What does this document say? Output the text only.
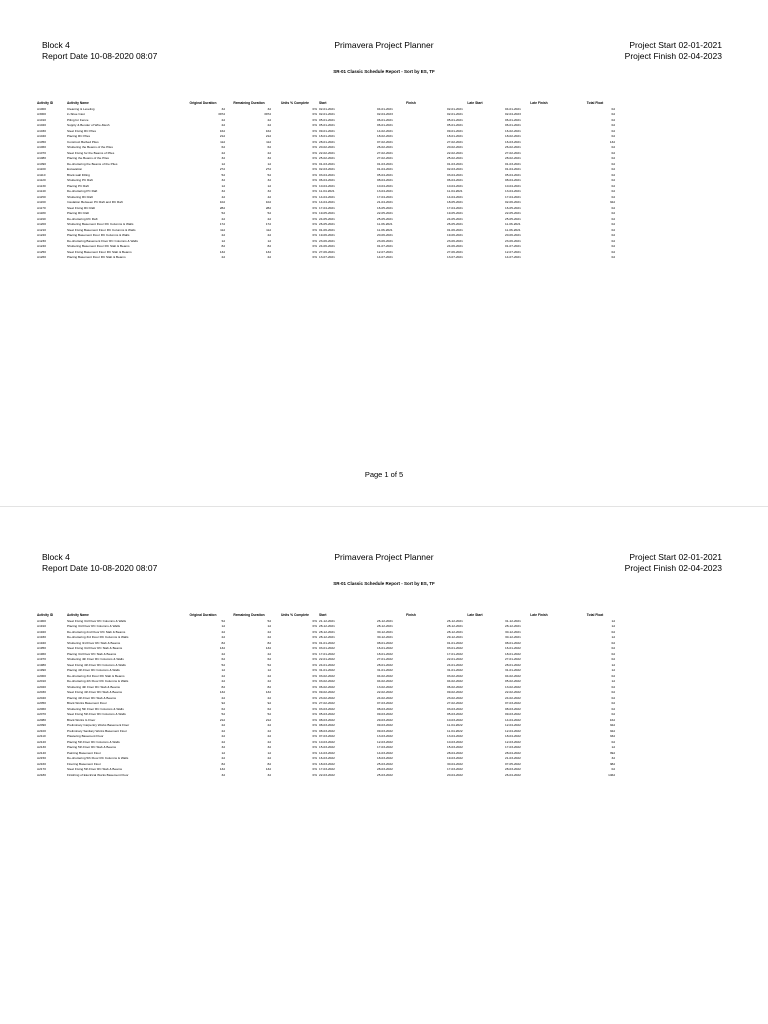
Block 4
Report Date 10-08-2020 08:07
Primavera Project Planner	Project Start 02-01-2021
Project Finish 02-04-2023
SR-01 Classic Schedule Report - Sort by ES, TF
Activity ID	Activity Name	Original Duration	Remaining Duration	Units % Complete	Start	Finish	Late Start	Late Finish	Total Float	
A1000	Cleaning & Leveling	3d	3d	0%	02-01-2021	04-01-2021	02-01-2021	04-01-2021	0d	
A3000	in-Situe Cast	397d	397d	0%	02-01-2021	02-04-2023	02-01-2021	02-04-2023	0d	
A1010	Piling for Fence	2d	2d	0%	05-01-2021	06-01-2021	05-01-2021	06-01-2021	0d	
A1020	Supply & Bender of Wire-Mesh	2d	2d	0%	05-01-2021	06-01-2021	05-01-2021	06-01-2021	0d	
A1030	Steel Fixing RC Piles	16d	16d	0%	09-01-2021	14-02-2021	09-01-2021	16-02-2021	0d	
A1040	Placing RC Piles	21d	21d	0%	18-01-2021	18-02-2021	18-01-2021	18-02-2021	0d	
A1050	Construct Barbed Piles	11d	11d	0%	28-01-2021	07-02-2021	27-02-2021	16-03-2021	13d	
A1060	Shuttering the Beams of the Piles	6d	6d	0%	20-02-2021	26-02-2021	20-02-2021	26-02-2021	0d	
A1070	Steel Fixing for the Beams of Piles	2d	2d	0%	22-02-2021	27-02-2021	22-02-2021	27-02-2021	0d	
A1080	Placing the Beams of the Piles	3d	3d	0%	25-02-2021	27-02-2021	25-02-2021	28-02-2021	0d	
A1090	De-shuttering the Beams of the Piles	1d	1d	0%	01-03-2021	01-03-2021	01-03-2021	01-03-2021	0d	
A1100	Excavation	27d	27d	0%	02-03-2021	01-04-2021	02-03-2021	01-04-2021	0d	
A1110	Block-wall Filling	5d	5d	0%	03-04-2021	05-04-2021	03-04-2021	05-04-2021	0d	
A1120	Shuttering PC Raft	3d	3d	0%	06-04-2021	08-04-2021	06-04-2021	08-04-2021	0d	
A1130	Placing PC Raft	1d	1d	0%	10-04-2021	10-04-2021	10-04-2021	10-04-2021	0d	
A1140	De-shuttering PC Raft	3d	3d	0%	11-04-2021	13-04-2021	11-04-2021	13-04-2021	0d	
A1150	Shuttering RC Raft	4d	4d	0%	14-04-2021	17-04-2021	14-04-2021	17-04-2021	0d	
A1160	Insulation Between PC Raft and RC Raft	10d	10d	0%	14-04-2021	21-04-2021	18-05-2021	02-06-2021	32d	
A1170	Steel Fixing RC Raft	28d	28d	0%	17-04-2021	16-05-2021	17-04-2021	16-05-2021	0d	
A1180	Placing RC Raft	5d	5d	0%	19-05-2021	22-05-2021	19-05-2021	22-05-2021	0d	
A1190	De-shuttering RC Raft	2d	2d	0%	24-05-2021	25-05-2021	24-05-2021	25-05-2021	0d	
A1200	Shuttering Basement Floor RC Columns & Walls	17d	17d	0%	26-05-2021	11-06-2021	26-05-2021	11-06-2021	0d	
A1210	Steel Fixing Basement Floor RC Columns & Walls	11d	11d	0%	01-06-2021	11-06-2021	01-06-2021	11-06-2021	0d	
A1220	Placing Basement Floor RC Columns & Walls	2d	2d	0%	19-06-2021	20-06-2021	19-06-2021	20-06-2021	0d	
A1230	De-shuttering Basement Floor RC Columns & Walls	1d	1d	0%	23-06-2021	23-06-2021	23-06-2021	23-06-2021	0d	
A1240	Shuttering Basement Floor RC Slab & Beams	8d	8d	0%	24-06-2021	01-07-2021	24-06-2021	01-07-2021	0d	
A1250	Steel Fixing Basement Floor RC Slab & Beams	13d	13d	0%	27-06-2021	12-07-2021	27-06-2021	12-07-2021	0d	
A1260	Placing Basement Floor RC Slab & Beams	2d	2d	0%	13-07-2021	14-07-2021	13-07-2021	14-07-2021	0d	
Page 1 of 5
Block 4
Report Date 10-08-2020 08:07
Primavera Project Planner	Project Start 02-01-2021
Project Finish 02-04-2023
SR-01 Classic Schedule Report - Sort by ES, TF
Activity ID	Activity Name	Original Duration	Remaining Duration	Units % Complete	Start	Finish	Late Start	Late Finish	Total Float	
A1900	Steel Fixing 3rd Floor RC Columns & Walls	5d	5d	0%	21-12-2021	26-12-2021	26-12-2021	31-12-2021	1d	
A1910	Placing 3rd Floor RC Columns & Walls	1d	1d	0%	28-12-2021	28-12-2021	28-12-2021	28-12-2021	1d	
A1920	De-shuttering 2nd Floor RC Slab & Beams	2d	2d	0%	28-12-2021	30-12-2021	28-12-2021	30-12-2021	0d	
A1930	De-shuttering 3rd Floor RC Columns & Walls	2d	2d	0%	28-12-2021	30-12-2021	29-12-2021	30-12-2021	1d	
A1940	Shuttering 3rd Floor RC Slab & Beams	8d	8d	0%	01-01-2022	08-01-2022	01-01-2022	08-01-2022	0d	
A1950	Steel Fixing 3rd Floor RC Slab & Beams	13d	13d	0%	03-01-2022	16-01-2022	03-01-2022	16-01-2022	0d	
A1960	Placing 3rd Floor RC Slab & Beams	2d	2d	0%	17-01-2022	18-01-2022	17-01-2022	18-01-2022	0d	
A1970	Shuttering 4th Floor RC Columns & Walls	6d	6d	0%	22-01-2022	27-01-2022	22-01-2022	27-01-2022	0d	
A1980	Steel Fixing 4th Floor RC Columns & Walls	5d	5d	0%	24-01-2022	28-01-2022	24-01-2022	28-01-2022	1d	
A1990	Placing 4th Floor RC Columns & Walls	1d	1d	0%	31-01-2022	31-01-2022	31-01-2022	31-01-2022	1d	
A2000	De-shuttering 3rd Floor RC Slab & Beams	2d	2d	0%	03-02-2022	04-02-2022	03-02-2022	04-02-2022	0d	
A2010	De-shuttering 4th Floor RC Columns & Walls	2d	2d	0%	03-02-2022	04-02-2022	04-02-2022	05-02-2022	1d	
A2020	Shuttering 4th Floor RC Slab & Beams	8d	8d	0%	06-02-2022	13-02-2022	06-02-2022	13-02-2022	0d	
A2030	Steel Fixing 4th Floor RC Slab & Beams	13d	13d	0%	09-02-2022	22-02-2022	09-02-2022	22-02-2022	0d	
A2040	Placing 4th Floor RC Slab & Beams	2d	2d	0%	23-02-2022	24-02-2022	23-02-2022	24-02-2022	0d	
A2050	Block Works Basement Floor	9d	9d	0%	27-02-2022	07-03-2022	27-02-2022	07-03-2022	0d	
A2060	Shuttering 5th Floor RC Columns & Walls	6d	6d	0%	03-03-2022	08-03-2022	03-03-2022	08-03-2022	0d	
A2070	Steel Fixing 5th Floor RC Columns & Walls	5d	5d	0%	05-03-2022	09-03-2022	05-03-2022	09-03-2022	0d	
A2080	Block Works G Floor	21d	21d	0%	08-03-2022	29-03-2022	10-03-2022	14-04-2022	16d	
A2090	Preliminary Carpentry Works Basement Floor	2d	2d	0%	08-03-2022	09-03-2022	11-04-2022	12-04-2022	32d	
A2100	Preliminary Sanitary Works Basement Floor	2d	2d	0%	08-03-2022	09-03-2022	11-04-2022	12-04-2022	32d	
A2110	Plastering Basement Floor	2d	2d	0%	07-03-2022	13-03-2022	13-04-2022	18-04-2022	33d	
A2120	Placing 5th Floor RC Columns & Walls	2d	2d	0%	10-03-2022	12-03-2022	10-03-2022	12-03-2022	0d	
A2130	Placing 5th Floor RC Slab & Beams	3d	3d	0%	15-03-2022	17-03-2022	15-03-2022	17-03-2022	1d	
A2140	Painting Basement Floor	1d	1d	0%	14-03-2022	14-03-2022	28-04-2022	28-04-2022	39d	
A2150	De-shuttering 5th Floor RC Columns & Walls	2d	2d	0%	16-03-2022	18-03-2022	19-03-2022	21-03-2022	3d	
A2160	Flooring Basement Floor	8d	8d	0%	18-03-2022	25-03-2022	30-04-2022	07-05-2022	38d	
A2170	Steel Fixing 5th Floor RC Slab & Beams	13d	13d	0%	17-03-2022	28-03-2022	17-03-2022	28-03-2022	0d	
A2180	Finishing of Electrical Works Basement Floor	3d	3d	0%	22-03-2022	25-03-2022	20-04-2022	26-04-2022	146d	
